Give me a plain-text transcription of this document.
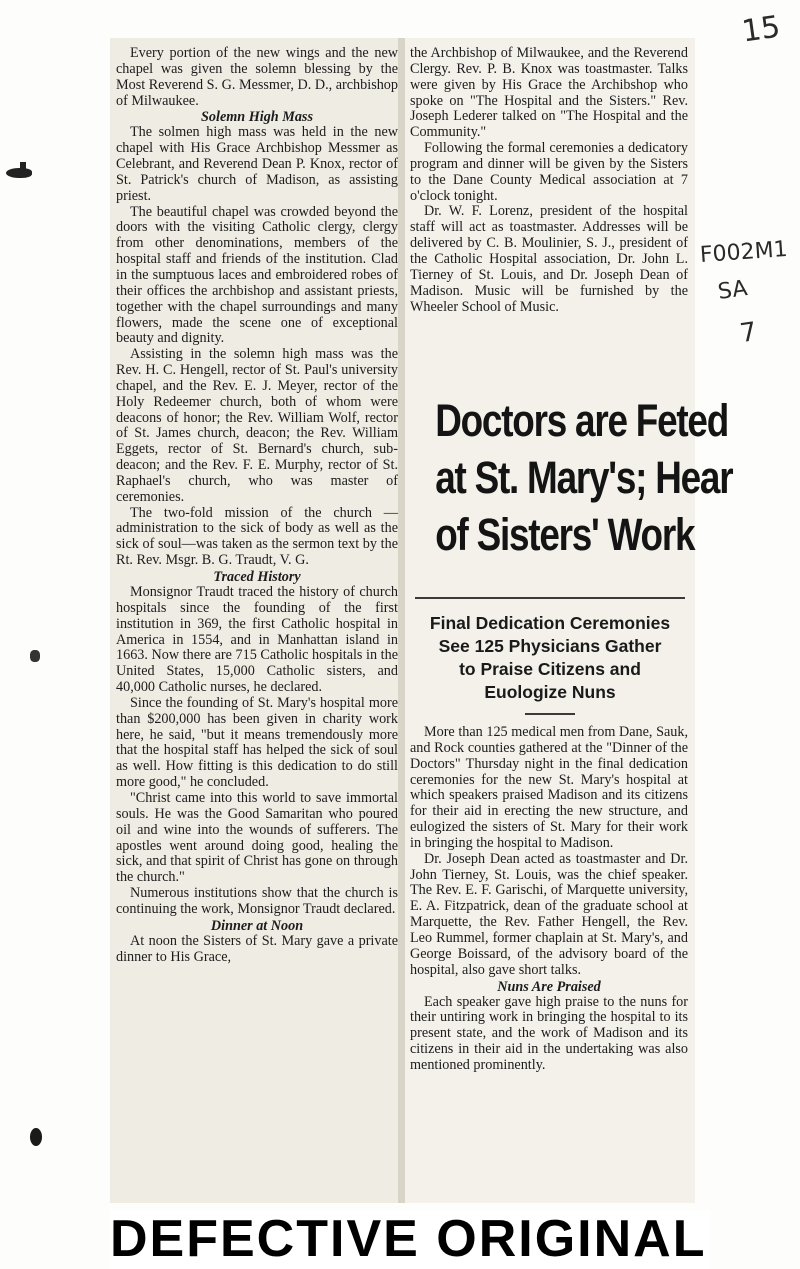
15
F002M1
SA
7

Every portion of the new wings and the new chapel was given the solemn blessing by the Most Reverend S. G. Messmer, D. D., archbishop of Milwaukee.

Solemn High Mass

The solmen high mass was held in the new chapel with His Grace Archbishop Messmer as Celebrant, and Reverend Dean P. Knox, rector of St. Patrick's church of Madison, as assisting priest.

The beautiful chapel was crowded beyond the doors with the visiting Catholic clergy, clergy from other denominations, members of the hospital staff and friends of the institution. Clad in the sumptuous laces and embroidered robes of their offices the archbishop and assistant priests, together with the chapel surroundings and many flowers, made the scene one of exceptional beauty and dignity.

Assisting in the solemn high mass was the Rev. H. C. Hengell, rector of St. Paul's university chapel, and the Rev. E. J. Meyer, rector of the Holy Redeemer church, both of whom were deacons of honor; the Rev. William Wolf, rector of St. James church, deacon; the Rev. William Eggets, rector of St. Bernard's church, sub-deacon; and the Rev. F. E. Murphy, rector of St. Raphael's church, who was master of ceremonies.

The two-fold mission of the church —administration to the sick of body as well as the sick of soul—was taken as the sermon text by the Rt. Rev. Msgr. B. G. Traudt, V. G.

Traced History

Monsignor Traudt traced the history of church hospitals since the founding of the first institution in 369, the first Catholic hospital in America in 1554, and in Manhattan island in 1663. Now there are 715 Catholic hospitals in the United States, 15,000 Catholic sisters, and 40,000 Catholic nurses, he declared.

Since the founding of St. Mary's hospital more than $200,000 has been given in charity work here, he said, "but it means tremendously more that the hospital staff has helped the sick of soul as well. How fitting is this dedication to do still more good," he concluded.

"Christ came into this world to save immortal souls. He was the Good Samaritan who poured oil and wine into the wounds of sufferers. The apostles went around doing good, healing the sick, and that spirit of Christ has gone on through the church."

Numerous institutions show that the church is continuing the work, Monsignor Traudt declared.

Dinner at Noon

At noon the Sisters of St. Mary gave a private dinner to His Grace,

the Archbishop of Milwaukee, and the Reverend Clergy. Rev. P. B. Knox was toastmaster. Talks were given by His Grace the Archibshop who spoke on "The Hospital and the Sisters." Rev. Joseph Lederer talked on "The Hospital and the Community."

Following the formal ceremonies a dedicatory program and dinner will be given by the Sisters to the Dane County Medical association at 7 o'clock tonight.

Dr. W. F. Lorenz, president of the hospital staff will act as toastmaster. Addresses will be delivered by C. B. Moulinier, S. J., president of the Catholic Hospital association, Dr. John L. Tierney of St. Louis, and Dr. Joseph Dean of Madison. Music will be furnished by the Wheeler School of Music.

Doctors are Feted
at St. Mary's; Hear
of Sisters' Work
Final Dedication Ceremonies
See 125 Physicians Gather
to Praise Citizens and
Euologize Nuns

More than 125 medical men from Dane, Sauk, and Rock counties gathered at the "Dinner of the Doctors" Thursday night in the final dedication ceremonies for the new St. Mary's hospital at which speakers praised Madison and its citizens for their aid in erecting the new structure, and eulogized the sisters of St. Mary for their work in bringing the hospital to Madison.

Dr. Joseph Dean acted as toastmaster and Dr. John Tierney, St. Louis, was the chief speaker. The Rev. E. F. Garischi, of Marquette university, E. A. Fitzpatrick, dean of the graduate school at Marquette, the Rev. Father Hengell, the Rev. Leo Rummel, former chaplain at St. Mary's, and George Boissard, of the advisory board of the hospital, also gave short talks.

Nuns Are Praised

Each speaker gave high praise to the nuns for their untiring work in bringing the hospital to its present state, and the work of Madison and its citizens in their aid in the undertaking was also mentioned prominently.

DEFECTIVE ORIGINAL
